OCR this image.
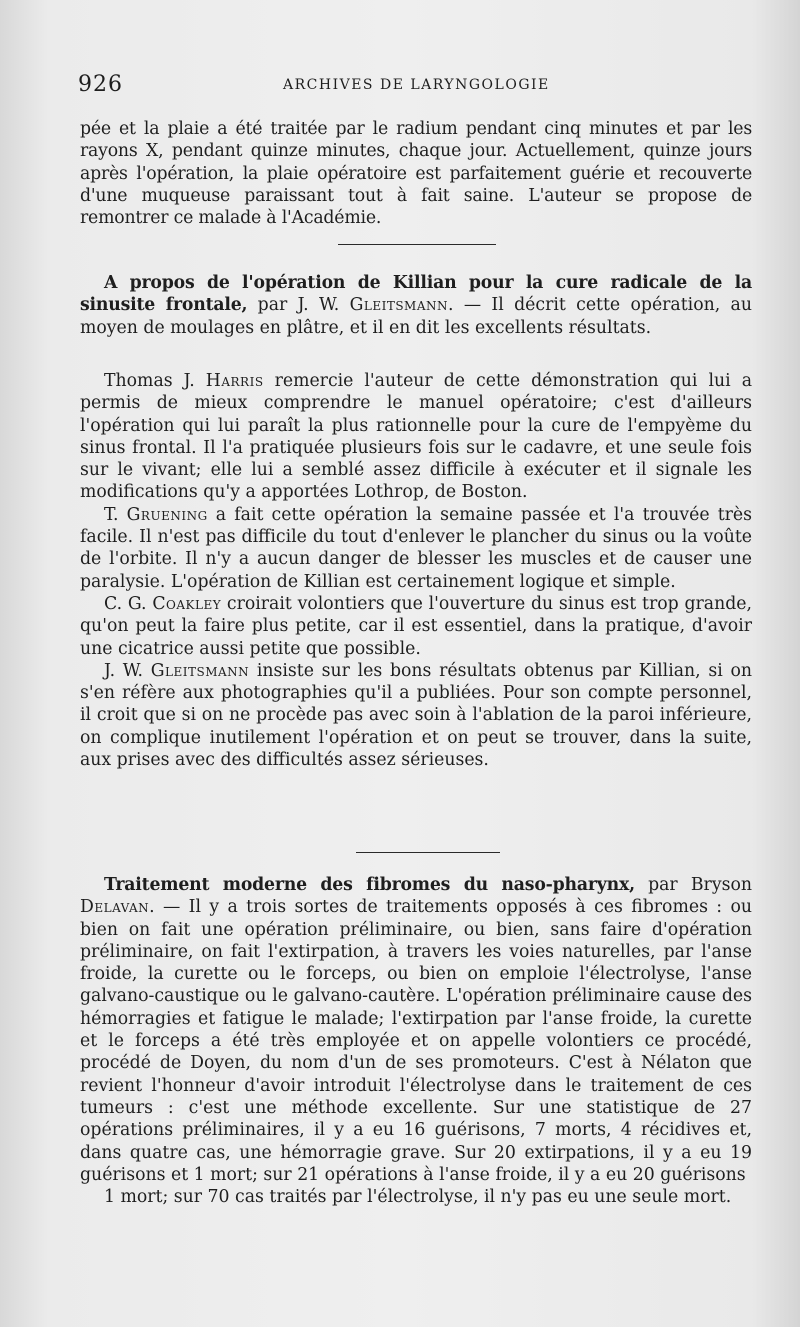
926	ARCHIVES DE LARYNGOLOGIE

pée et la plaie a été traitée par le radium pendant cinq minutes et par les rayons X, pendant quinze minutes, chaque jour. Actuellement, quinze jours après l'opération, la plaie opératoire est parfaitement guérie et recouverte d'une muqueuse paraissant tout à fait saine. L'auteur se propose de remontrer ce malade à l'Académie.

A propos de l'opération de Killian pour la cure radicale de la sinusite frontale, par J. W. Gleitsmann. — Il décrit cette opération, au moyen de moulages en plâtre, et il en dit les excellents résultats.

Thomas J. Harris remercie l'auteur de cette démonstration qui lui a permis de mieux comprendre le manuel opératoire; c'est d'ailleurs l'opération qui lui paraît la plus rationnelle pour la cure de l'empyème du sinus frontal. Il l'a pratiquée plusieurs fois sur le cadavre, et une seule fois sur le vivant; elle lui a semblé assez difficile à exécuter et il signale les modifications qu'y a apportées Lothrop, de Boston.

T. Gruening a fait cette opération la semaine passée et l'a trouvée très facile. Il n'est pas difficile du tout d'enlever le plancher du sinus ou la voûte de l'orbite. Il n'y a aucun danger de blesser les muscles et de causer une paralysie. L'opération de Killian est certainement logique et simple.

C. G. Coakley croirait volontiers que l'ouverture du sinus est trop grande, qu'on peut la faire plus petite, car il est essentiel, dans la pratique, d'avoir une cicatrice aussi petite que possible.

J. W. Gleitsmann insiste sur les bons résultats obtenus par Killian, si on s'en réfère aux photographies qu'il a publiées. Pour son compte personnel, il croit que si on ne procède pas avec soin à l'ablation de la paroi inférieure, on complique inutilement l'opération et on peut se trouver, dans la suite, aux prises avec des difficultés assez sérieuses.

Traitement moderne des fibromes du naso-pharynx, par Bryson Delavan. — Il y a trois sortes de traitements opposés à ces fibromes : ou bien on fait une opération préliminaire, ou bien, sans faire d'opération préliminaire, on fait l'extirpation, à travers les voies naturelles, par l'anse froide, la curette ou le forceps, ou bien on emploie l'électrolyse, l'anse galvano-caustique ou le galvano-cautère. L'opération préliminaire cause des hémorragies et fatigue le malade; l'extirpation par l'anse froide, la curette et le forceps a été très employée et on appelle volontiers ce procédé, procédé de Doyen, du nom d'un de ses promoteurs. C'est à Nélaton que revient l'honneur d'avoir introduit l'électrolyse dans le traitement de ces tumeurs : c'est une méthode excellente. Sur une statistique de 27 opérations préliminaires, il y a eu 16 guérisons, 7 morts, 4 récidives et, dans quatre cas, une hémorragie grave. Sur 20 extirpations, il y a eu 19 guérisons et 1 mort; sur 21 opérations à l'anse froide, il y a eu 20 guérisons

1 mort; sur 70 cas traités par l'électrolyse, il n'y pas eu une seule mort.
